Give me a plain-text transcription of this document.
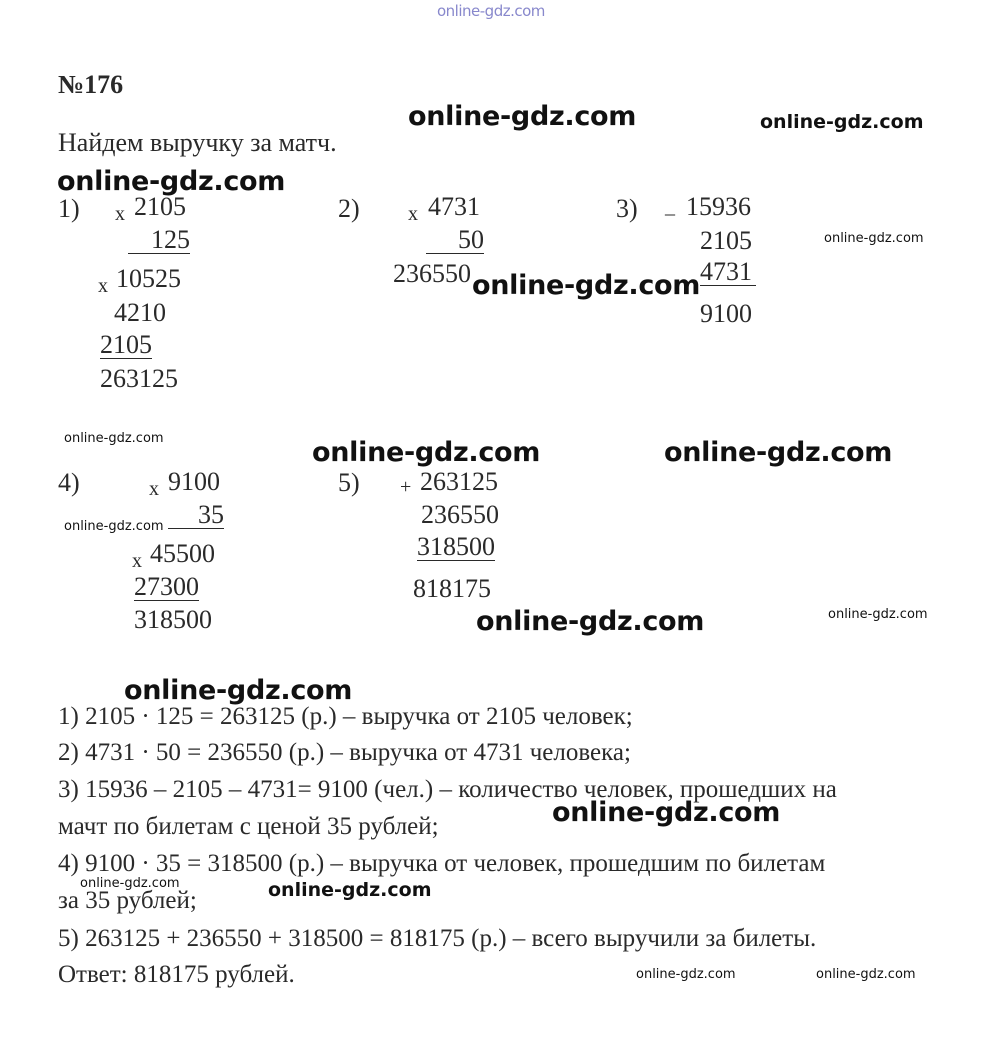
online-gdz.com
№176
Найдем выручку за матч.
1) x 2105
125
x 10525
4210
2105
263125
2) x 4731
50
236550
3) _ 15936
2105
4731
9100
4)	x 9100
35
x 45500
27300
318500
5) + 263125
236550
318500
818175
1) 2105 · 125 = 263125 (р.) – выручка от 2105 человек;
2) 4731 · 50 = 236550 (р.) – выручка от 4731 человека;
3) 15936 – 2105 – 4731= 9100 (чел.) – количество человек, прошедших на
мачт по билетам с ценой 35 рублей;
4) 9100 · 35 = 318500 (р.) – выручка от человек, прошедшим по билетам
за 35 рублей;
5) 263125 + 236550 + 318500 = 818175 (р.) – всего выручили за билеты.
Ответ: 818175 рублей.
online-gdz.com	online-gdz.com
online-gdz.com
online-gdz.com
online-gdz.com
online-gdz.com	online-gdz.com	online-gdz.com
online-gdz.com
online-gdz.com
online-gdz.com
online-gdz.com
online-gdz.com
online-gdz.com	online-gdz.com
online-gdz.com	online-gdz.com
